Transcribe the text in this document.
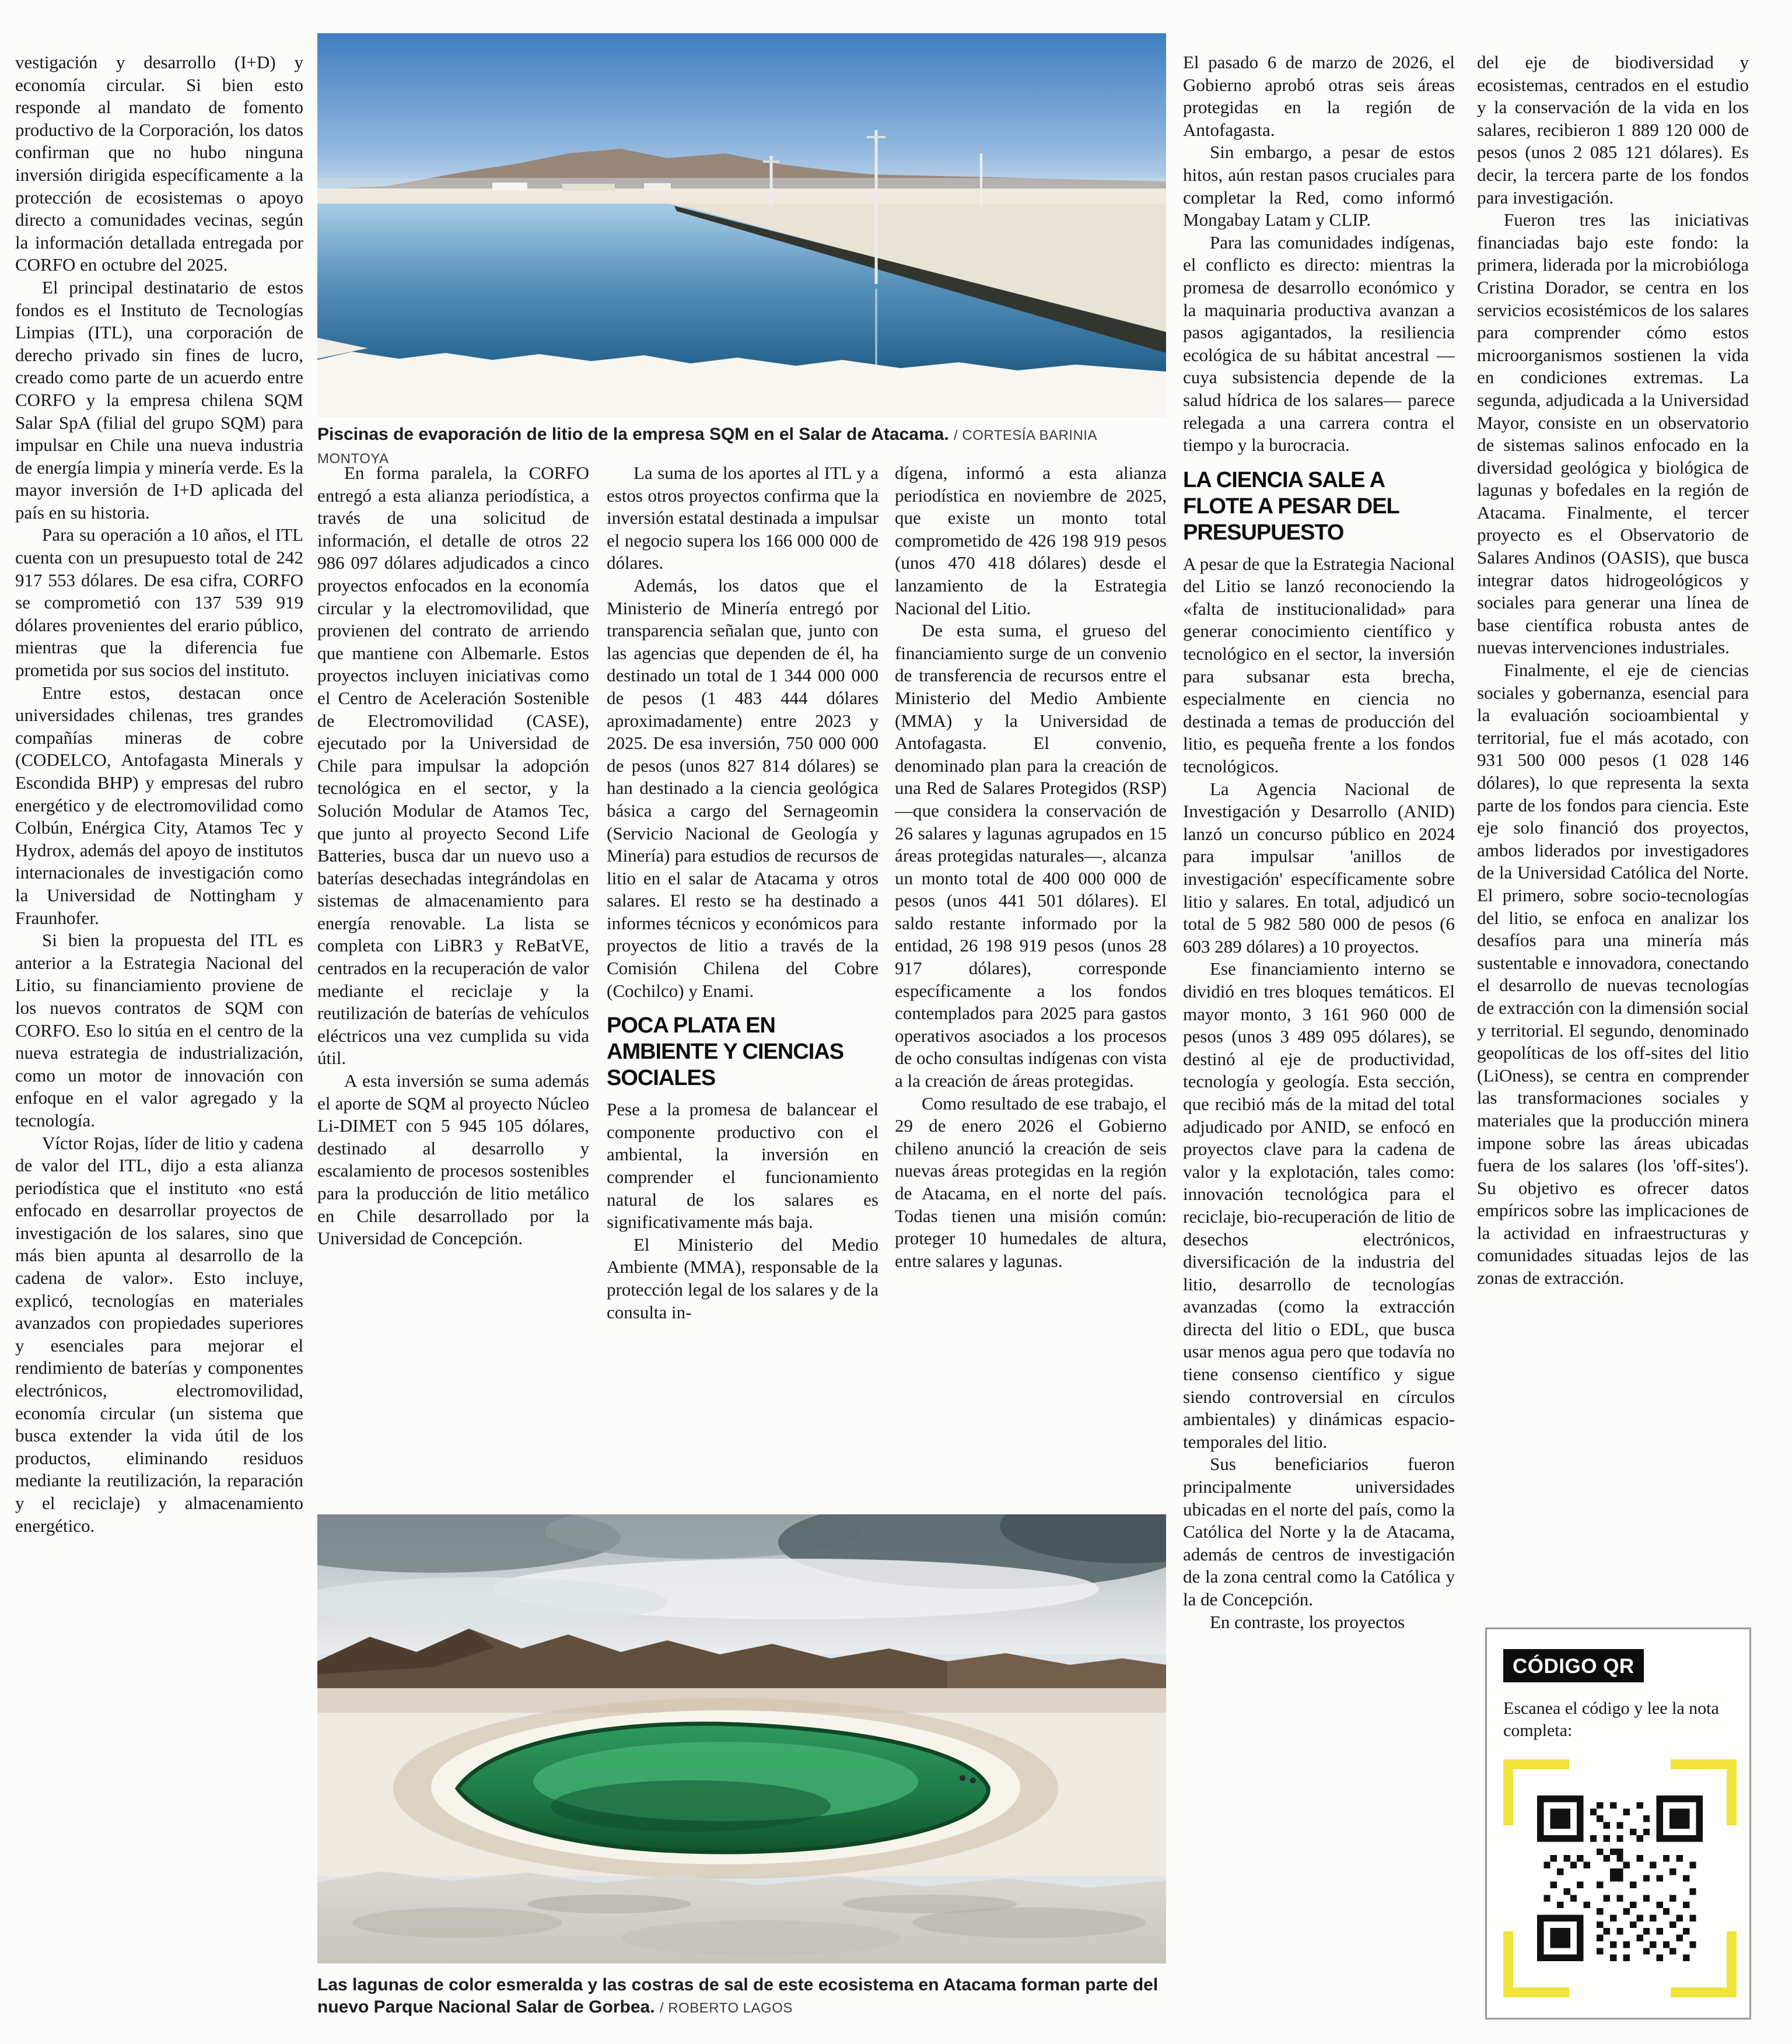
vestigación y desarrollo (I+D) y economía circular. Si bien esto responde al mandato de fomento productivo de la Corporación, los datos confirman que no hubo ninguna inversión dirigida específicamente a la protección de ecosistemas o apoyo directo a comunidades vecinas, según la información detallada entregada por CORFO en octubre del 2025.

El principal destinatario de estos fondos es el Instituto de Tecnologías Limpias (ITL), una corporación de derecho privado sin fines de lucro, creado como parte de un acuerdo entre CORFO y la empresa chilena SQM Salar SpA (filial del grupo SQM) para impulsar en Chile una nueva industria de energía limpia y minería verde. Es la mayor inversión de I+D aplicada del país en su historia.

Para su operación a 10 años, el ITL cuenta con un presupuesto total de 242 917 553 dólares. De esa cifra, CORFO se comprometió con 137 539 919 dólares provenientes del erario público, mientras que la diferencia fue prometida por sus socios del instituto.

Entre estos, destacan once universidades chilenas, tres grandes compañías mineras de cobre (CODELCO, Antofagasta Minerals y Escondida BHP) y empresas del rubro energético y de electromovilidad como Colbún, Enérgica City, Atamos Tec y Hydrox, además del apoyo de institutos internacionales de investigación como la Universidad de Nottingham y Fraunhofer.

Si bien la propuesta del ITL es anterior a la Estrategia Nacional del Litio, su financiamiento proviene de los nuevos contratos de SQM con CORFO. Eso lo sitúa en el centro de la nueva estrategia de industrialización, como un motor de innovación con enfoque en el valor agregado y la tecnología.

Víctor Rojas, líder de litio y cadena de valor del ITL, dijo a esta alianza periodística que el instituto «no está enfocado en desarrollar proyectos de investigación de los salares, sino que más bien apunta al desarrollo de la cadena de valor». Esto incluye, explicó, tecnologías en materiales avanzados con propiedades superiores y esenciales para mejorar el rendimiento de baterías y componentes electrónicos, electromovilidad, economía circular (un sistema que busca extender la vida útil de los productos, eliminando residuos mediante la reutilización, la reparación y el reciclaje) y almacenamiento energético.

Piscinas de evaporación de litio de la empresa SQM en el Salar de Atacama. / CORTESÍA BARINIA MONTOYA

En forma paralela, la CORFO entregó a esta alianza periodística, a través de una solicitud de información, el detalle de otros 22 986 097 dólares adjudicados a cinco proyectos enfocados en la economía circular y la electromovilidad, que provienen del contrato de arriendo que mantiene con Albemarle. Estos proyectos incluyen iniciativas como el Centro de Aceleración Sostenible de Electromovilidad (CASE), ejecutado por la Universidad de Chile para impulsar la adopción tecnológica en el sector, y la Solución Modular de Atamos Tec, que junto al proyecto Second Life Batteries, busca dar un nuevo uso a baterías desechadas integrándolas en sistemas de almacenamiento para energía renovable. La lista se completa con LiBR3 y ReBatVE, centrados en la recuperación de valor mediante el reciclaje y la reutilización de baterías de vehículos eléctricos una vez cumplida su vida útil.

A esta inversión se suma además el aporte de SQM al proyecto Núcleo Li-DIMET con 5 945 105 dólares, destinado al desarrollo y escalamiento de procesos sostenibles para la producción de litio metálico en Chile desarrollado por la Universidad de Concepción.

La suma de los aportes al ITL y a estos otros proyectos confirma que la inversión estatal destinada a impulsar el negocio supera los 166 000 000 de dólares.

Además, los datos que el Ministerio de Minería entregó por transparencia señalan que, junto con las agencias que dependen de él, ha destinado un total de 1 344 000 000 de pesos (1 483 444 dólares aproximadamente) entre 2023 y 2025. De esa inversión, 750 000 000 de pesos (unos 827 814 dólares) se han destinado a la ciencia geológica básica a cargo del Sernageomin (Servicio Nacional de Geología y Minería) para estudios de recursos de litio en el salar de Atacama y otros salares. El resto se ha destinado a informes técnicos y económicos para proyectos de litio a través de la Comisión Chilena del Cobre (Cochilco) y Enami.

POCA PLATA EN AMBIENTE Y CIENCIAS SOCIALES

Pese a la promesa de balancear el componente productivo con el ambiental, la inversión en comprender el funcionamiento natural de los salares es significativamente más baja.

El Ministerio del Medio Ambiente (MMA), responsable de la protección legal de los salares y de la consulta in-

dígena, informó a esta alianza periodística en noviembre de 2025, que existe un monto total comprometido de 426 198 919 pesos (unos 470 418 dólares) desde el lanzamiento de la Estrategia Nacional del Litio.

De esta suma, el grueso del financiamiento surge de un convenio de transferencia de recursos entre el Ministerio del Medio Ambiente (MMA) y la Universidad de Antofagasta. El convenio, denominado plan para la creación de una Red de Salares Protegidos (RSP) —que considera la conservación de 26 salares y lagunas agrupados en 15 áreas protegidas naturales—, alcanza un monto total de 400 000 000 de pesos (unos 441 501 dólares). El saldo restante informado por la entidad, 26 198 919 pesos (unos 28 917 dólares), corresponde específicamente a los fondos contemplados para 2025 para gastos operativos asociados a los procesos de ocho consultas indígenas con vista a la creación de áreas protegidas.

Como resultado de ese trabajo, el 29 de enero 2026 el Gobierno chileno anunció la creación de seis nuevas áreas protegidas en la región de Atacama, en el norte del país. Todas tienen una misión común: proteger 10 humedales de altura, entre salares y lagunas.

Las lagunas de color esmeralda y las costras de sal de este ecosistema en Atacama forman parte del nuevo Parque Nacional Salar de Gorbea. / ROBERTO LAGOS

El pasado 6 de marzo de 2026, el Gobierno aprobó otras seis áreas protegidas en la región de Antofagasta.

Sin embargo, a pesar de estos hitos, aún restan pasos cruciales para completar la Red, como informó Mongabay Latam y CLIP.

Para las comunidades indígenas, el conflicto es directo: mientras la promesa de desarrollo económico y la maquinaria productiva avanzan a pasos agigantados, la resiliencia ecológica de su hábitat ancestral —cuya subsistencia depende de la salud hídrica de los salares— parece relegada a una carrera contra el tiempo y la burocracia.

LA CIENCIA SALE A FLOTE A PESAR DEL PRESUPUESTO

A pesar de que la Estrategia Nacional del Litio se lanzó reconociendo la «falta de institucionalidad» para generar conocimiento científico y tecnológico en el sector, la inversión para subsanar esta brecha, especialmente en ciencia no destinada a temas de producción del litio, es pequeña frente a los fondos tecnológicos.

La Agencia Nacional de Investigación y Desarrollo (ANID) lanzó un concurso público en 2024 para impulsar 'anillos de investigación' específicamente sobre litio y salares. En total, adjudicó un total de 5 982 580 000 de pesos (6 603 289 dólares) a 10 proyectos.

Ese financiamiento interno se dividió en tres bloques temáticos. El mayor monto, 3 161 960 000 de pesos (unos 3 489 095 dólares), se destinó al eje de productividad, tecnología y geología. Esta sección, que recibió más de la mitad del total adjudicado por ANID, se enfocó en proyectos clave para la cadena de valor y la explotación, tales como: innovación tecnológica para el reciclaje, bio-recuperación de litio de desechos electrónicos, diversificación de la industria del litio, desarrollo de tecnologías avanzadas (como la extracción directa del litio o EDL, que busca usar menos agua pero que todavía no tiene consenso científico y sigue siendo controversial en círculos ambientales) y dinámicas espacio-temporales del litio.

Sus beneficiarios fueron principalmente universidades ubicadas en el norte del país, como la Católica del Norte y la de Atacama, además de centros de investigación de la zona central como la Católica y la de Concepción.

En contraste, los proyectos

del eje de biodiversidad y ecosistemas, centrados en el estudio y la conservación de la vida en los salares, recibieron 1 889 120 000 de pesos (unos 2 085 121 dólares). Es decir, la tercera parte de los fondos para investigación.

Fueron tres las iniciativas financiadas bajo este fondo: la primera, liderada por la microbióloga Cristina Dorador, se centra en los servicios ecosistémicos de los salares para comprender cómo estos microorganismos sostienen la vida en condiciones extremas. La segunda, adjudicada a la Universidad Mayor, consiste en un observatorio de sistemas salinos enfocado en la diversidad geológica y biológica de lagunas y bofedales en la región de Atacama. Finalmente, el tercer proyecto es el Observatorio de Salares Andinos (OASIS), que busca integrar datos hidrogeológicos y sociales para generar una línea de base científica robusta antes de nuevas intervenciones industriales.

Finalmente, el eje de ciencias sociales y gobernanza, esencial para la evaluación socioambiental y territorial, fue el más acotado, con 931 500 000 pesos (1 028 146 dólares), lo que representa la sexta parte de los fondos para ciencia. Este eje solo financió dos proyectos, ambos liderados por investigadores de la Universidad Católica del Norte. El primero, sobre socio-tecnologías del litio, se enfoca en analizar los desafíos para una minería más sustentable e innovadora, conectando el desarrollo de nuevas tecnologías de extracción con la dimensión social y territorial. El segundo, denominado geopolíticas de los off-sites del litio (LiOness), se centra en comprender las transformaciones sociales y materiales que la producción minera impone sobre las áreas ubicadas fuera de los salares (los 'off-sites'). Su objetivo es ofrecer datos empíricos sobre las implicaciones de la actividad en infraestructuras y comunidades situadas lejos de las zonas de extracción.

CÓDIGO QR
Escanea el código y lee la nota completa:
